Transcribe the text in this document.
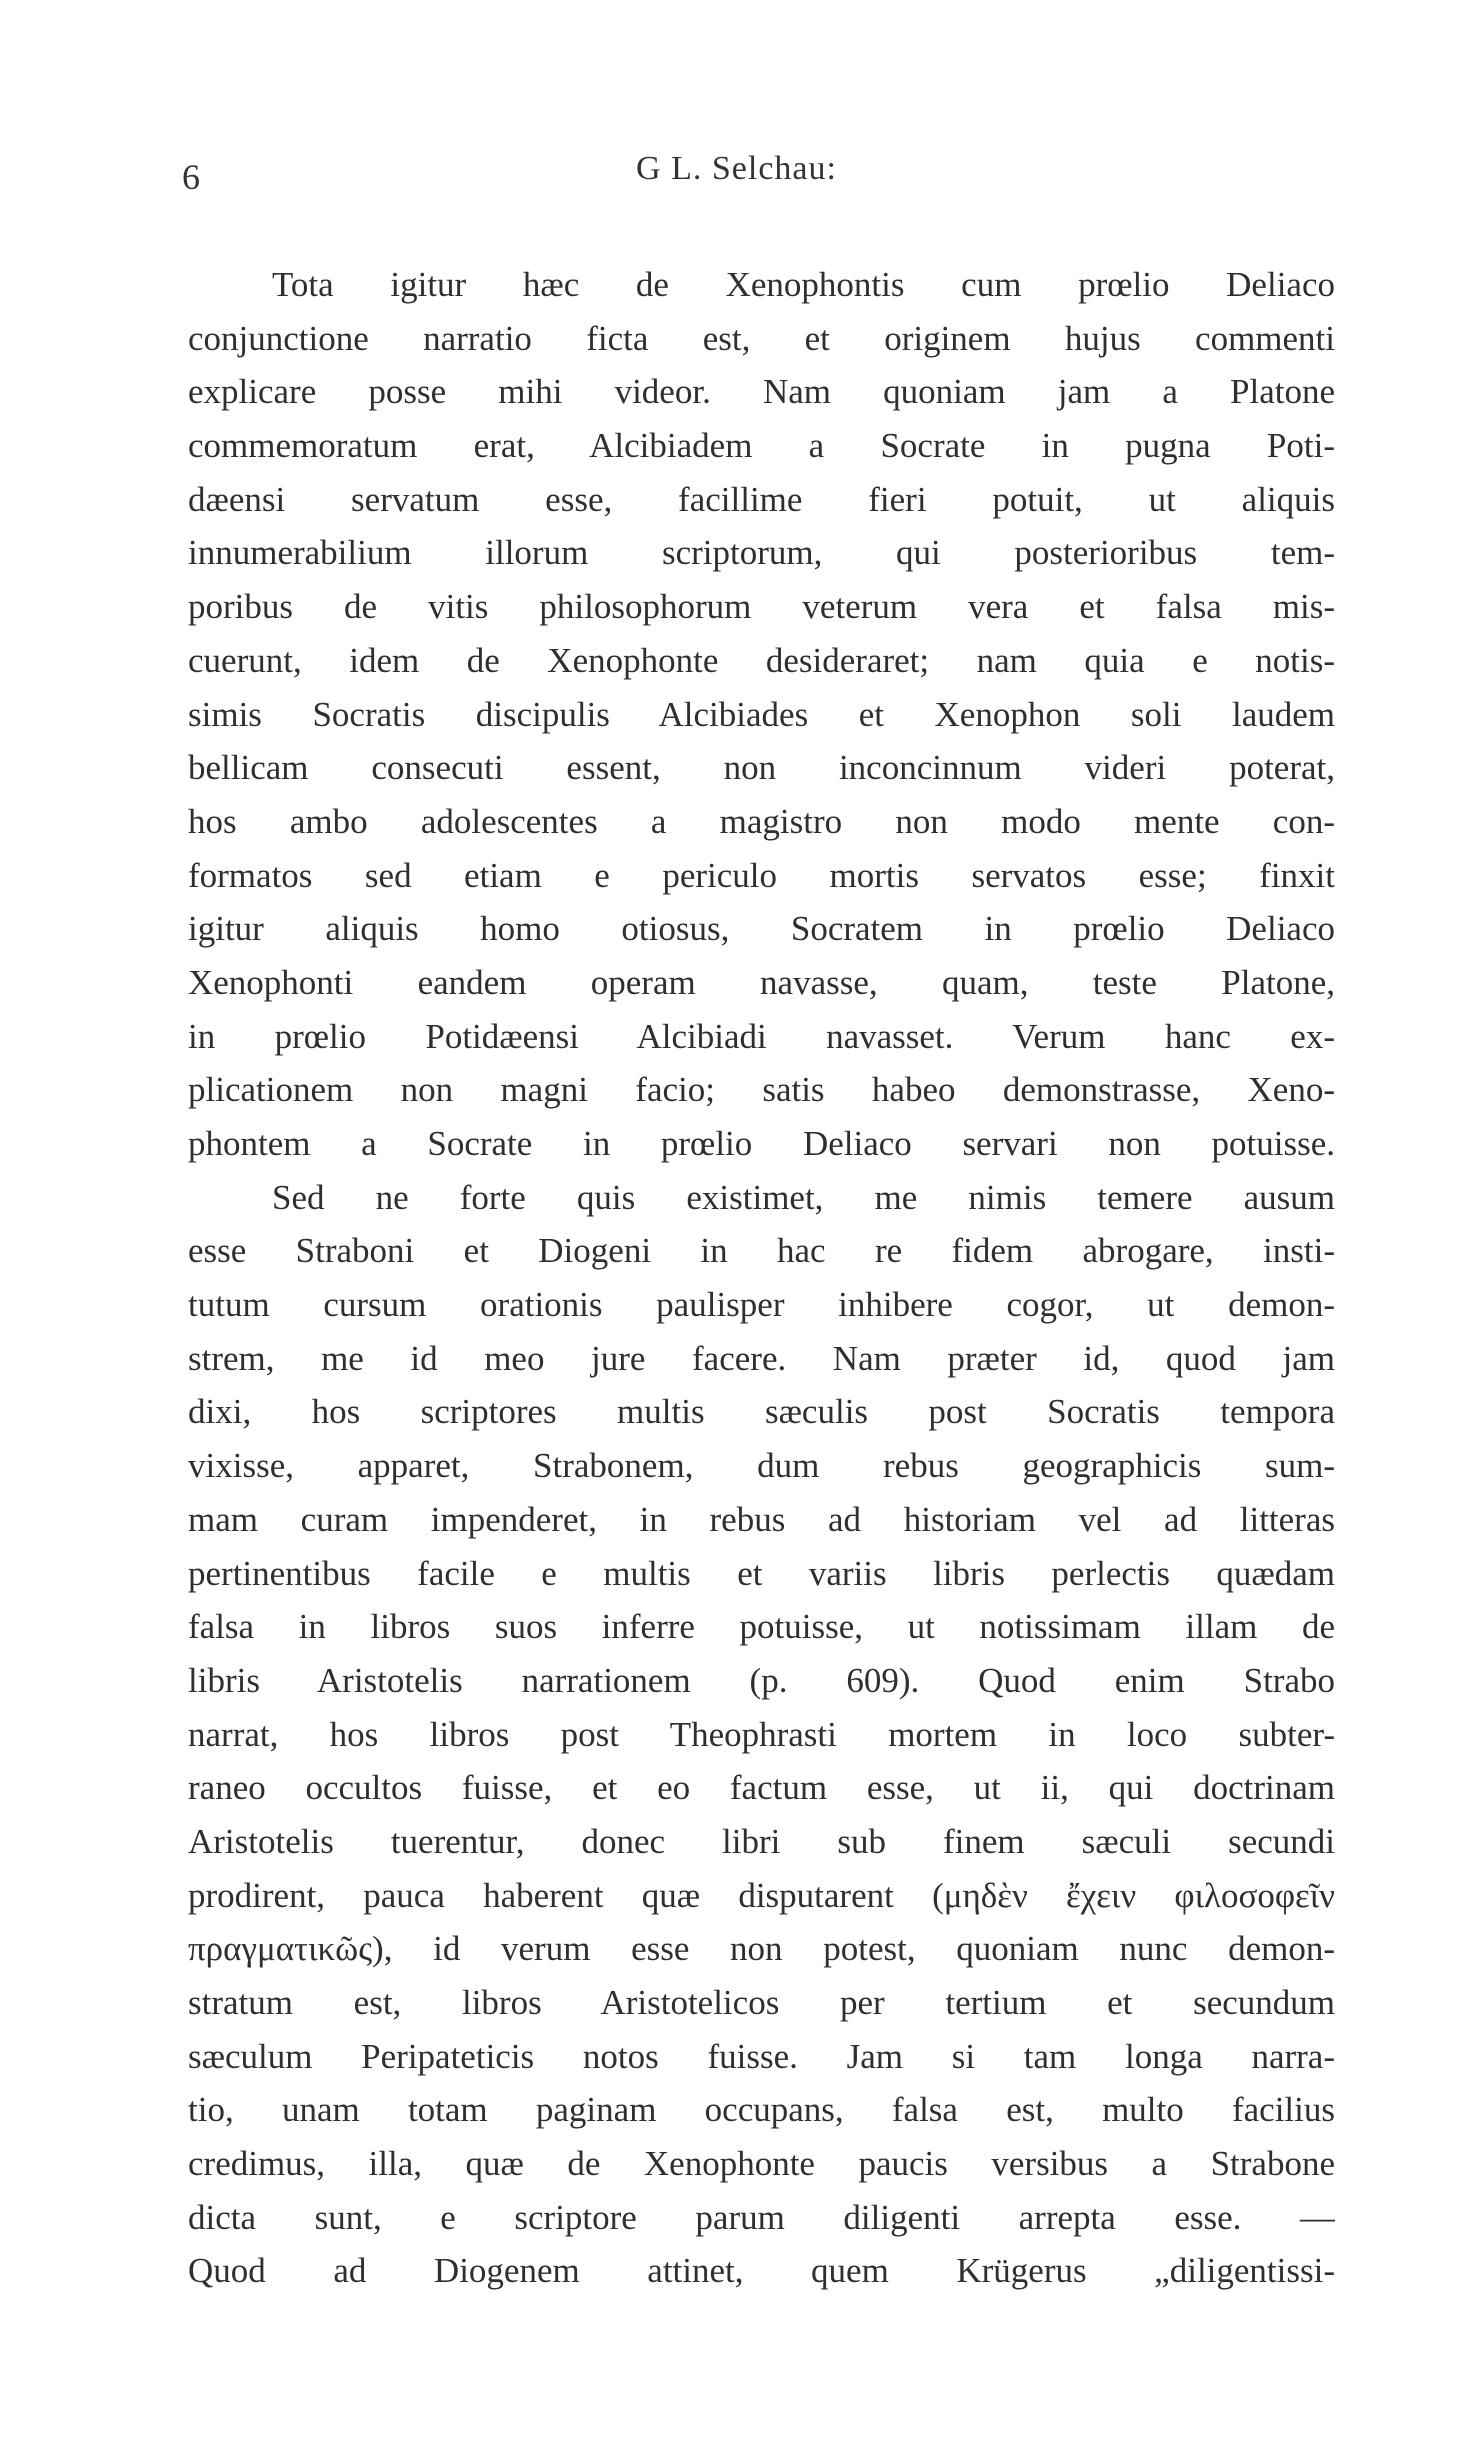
6	G L. Selchau:
Tota igitur hæc de Xenophontis cum prœlio Deliaco
conjunctione narratio ficta est, et originem hujus commenti
explicare posse mihi videor. Nam quoniam jam a Platone
commemoratum erat, Alcibiadem a Socrate in pugna Poti-
dæensi servatum esse, facillime fieri potuit, ut aliquis
innumerabilium illorum scriptorum, qui posterioribus tem-
poribus de vitis philosophorum veterum vera et falsa mis-
cuerunt, idem de Xenophonte desideraret; nam quia e notis-
simis Socratis discipulis Alcibiades et Xenophon soli laudem
bellicam consecuti essent, non inconcinnum videri poterat,
hos ambo adolescentes a magistro non modo mente con-
formatos sed etiam e periculo mortis servatos esse; finxit
igitur aliquis homo otiosus, Socratem in prœlio Deliaco
Xenophonti eandem operam navasse, quam, teste Platone,
in prœlio Potidæensi Alcibiadi navasset. Verum hanc ex-
plicationem non magni facio; satis habeo demonstrasse, Xeno-
phontem a Socrate in prœlio Deliaco servari non potuisse.
Sed ne forte quis existimet, me nimis temere ausum
esse Straboni et Diogeni in hac re fidem abrogare, insti-
tutum cursum orationis paulisper inhibere cogor, ut demon-
strem, me id meo jure facere. Nam præter id, quod jam
dixi, hos scriptores multis sæculis post Socratis tempora
vixisse, apparet, Strabonem, dum rebus geographicis sum-
mam curam impenderet, in rebus ad historiam vel ad litteras
pertinentibus facile e multis et variis libris perlectis quædam
falsa in libros suos inferre potuisse, ut notissimam illam de
libris Aristotelis narrationem (p. 609). Quod enim Strabo
narrat, hos libros post Theophrasti mortem in loco subter-
raneo occultos fuisse, et eo factum esse, ut ii, qui doctrinam
Aristotelis tuerentur, donec libri sub finem sæculi secundi
prodirent, pauca haberent quæ disputarent (μηδὲν ἔχειν φιλοσοφεῖν
πραγματικῶς), id verum esse non potest, quoniam nunc demon-
stratum est, libros Aristotelicos per tertium et secundum
sæculum Peripateticis notos fuisse. Jam si tam longa narra-
tio, unam totam paginam occupans, falsa est, multo facilius
credimus, illa, quæ de Xenophonte paucis versibus a Strabone
dicta sunt, e scriptore parum diligenti arrepta esse. —
Quod ad Diogenem attinet, quem Krügerus „diligentissi-
